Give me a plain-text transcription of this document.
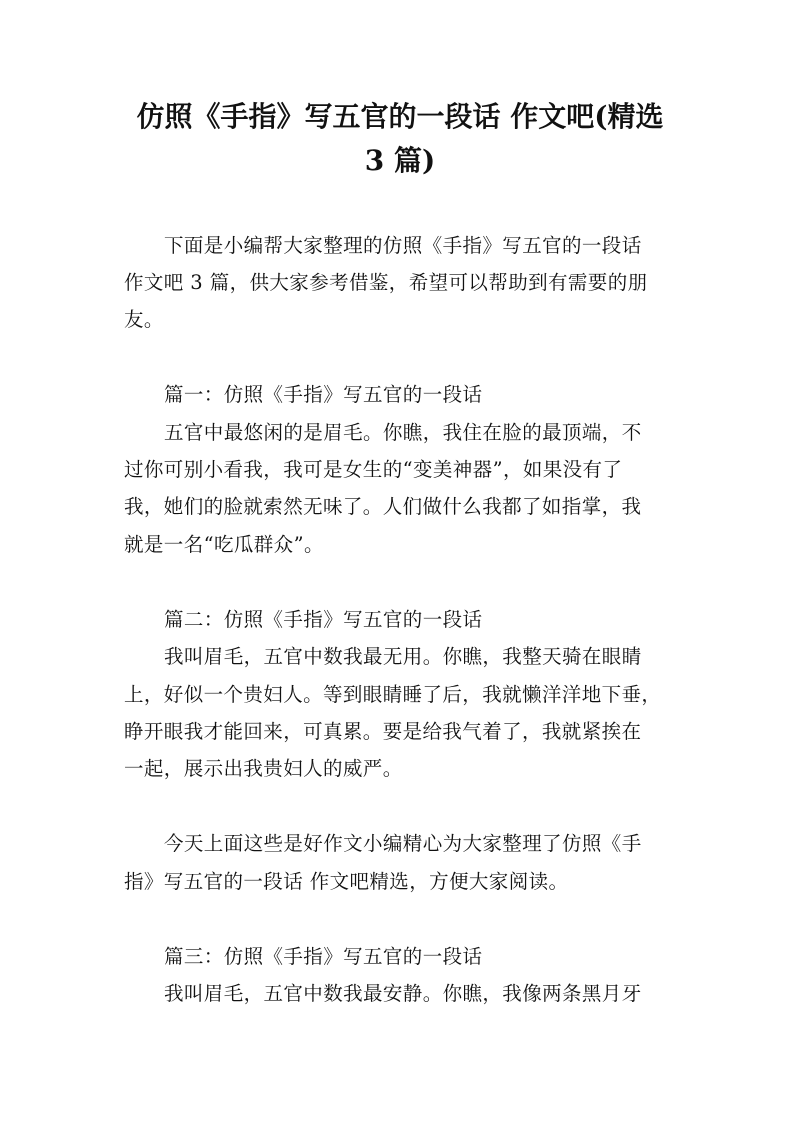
仿照《手指》写五官的一段话 作文吧(精选
3 篇)

下面是小编帮大家整理的仿照《手指》写五官的一段话

作文吧 3 篇，供大家参考借鉴，希望可以帮助到有需要的朋

友。

篇一：仿照《手指》写五官的一段话

五官中最悠闲的是眉毛。你瞧，我住在脸的最顶端，不

过你可别小看我，我可是女生的“变美神器”，如果没有了

我，她们的脸就索然无味了。人们做什么我都了如指掌，我

就是一名“吃瓜群众”。

篇二：仿照《手指》写五官的一段话

我叫眉毛，五官中数我最无用。你瞧，我整天骑在眼睛

上，好似一个贵妇人。等到眼睛睡了后，我就懒洋洋地下垂，

睁开眼我才能回来，可真累。要是给我气着了，我就紧挨在

一起，展示出我贵妇人的威严。

今天上面这些是好作文小编精心为大家整理了仿照《手

指》写五官的一段话 作文吧精选，方便大家阅读。

篇三：仿照《手指》写五官的一段话

我叫眉毛，五官中数我最安静。你瞧，我像两条黑月牙
